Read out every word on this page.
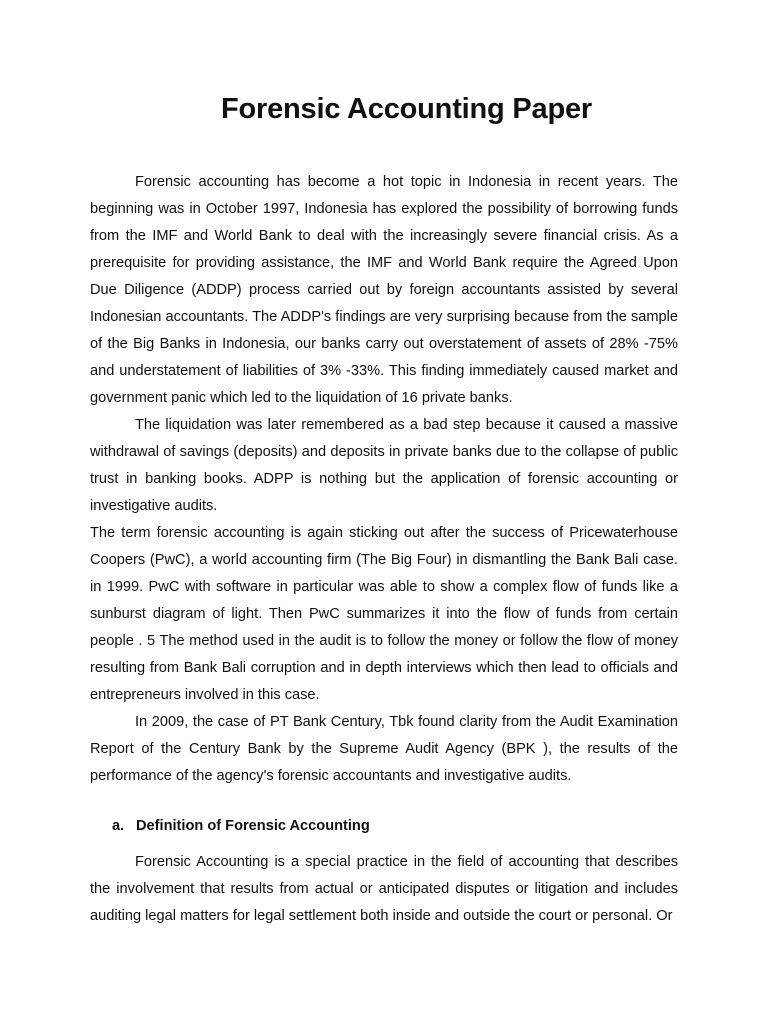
Forensic Accounting Paper

Forensic accounting has become a hot topic in Indonesia in recent years. The beginning was in October 1997, Indonesia has explored the possibility of borrowing funds from the IMF and World Bank to deal with the increasingly severe financial crisis. As a prerequisite for providing assistance, the IMF and World Bank require the Agreed Upon Due Diligence (ADDP) process carried out by foreign accountants assisted by several Indonesian accountants. The ADDP's findings are very surprising because from the sample of the Big Banks in Indonesia, our banks carry out overstatement of assets of 28% -75% and understatement of liabilities of 3% -33%. This finding immediately caused market and government panic which led to the liquidation of 16 private banks.

The liquidation was later remembered as a bad step because it caused a massive withdrawal of savings (deposits) and deposits in private banks due to the collapse of public trust in banking books. ADPP is nothing but the application of forensic accounting or investigative audits.

The term forensic accounting is again sticking out after the success of Pricewaterhouse Coopers (PwC), a world accounting firm (The Big Four) in dismantling the Bank Bali case. in 1999. PwC with software in particular was able to show a complex flow of funds like a sunburst diagram of light. Then PwC summarizes it into the flow of funds from certain people . 5 The method used in the audit is to follow the money or follow the flow of money resulting from Bank Bali corruption and in depth interviews which then lead to officials and entrepreneurs involved in this case.

In 2009, the case of PT Bank Century, Tbk found clarity from the Audit Examination Report of the Century Bank by the Supreme Audit Agency (BPK ), the results of the performance of the agency's forensic accountants and investigative audits.

a. Definition of Forensic Accounting

Forensic Accounting is a special practice in the field of accounting that describes the involvement that results from actual or anticipated disputes or litigation and includes auditing legal matters for legal settlement both inside and outside the court or personal. Or
